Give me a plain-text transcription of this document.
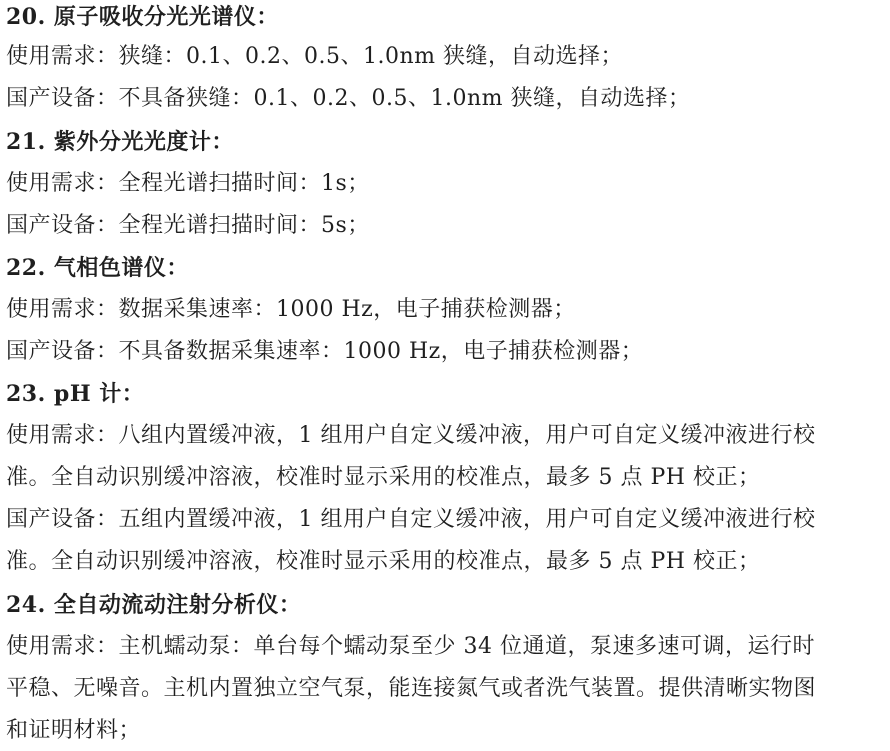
20. 原子吸收分光光谱仪：
使用需求：狭缝：0.1、0.2、0.5、1.0nm 狭缝，自动选择；
国产设备：不具备狭缝：0.1、0.2、0.5、1.0nm 狭缝，自动选择；
21. 紫外分光光度计：
使用需求：全程光谱扫描时间：1s；
国产设备：全程光谱扫描时间：5s；
22. 气相色谱仪：
使用需求：数据采集速率：1000 Hz，电子捕获检测器；
国产设备：不具备数据采集速率：1000 Hz，电子捕获检测器；
23. pH 计：
使用需求：八组内置缓冲液，1 组用户自定义缓冲液，用户可自定义缓冲液进行校
准。全自动识别缓冲溶液，校准时显示采用的校准点，最多 5 点 PH 校正；
国产设备：五组内置缓冲液，1 组用户自定义缓冲液，用户可自定义缓冲液进行校
准。全自动识别缓冲溶液，校准时显示采用的校准点，最多 5 点 PH 校正；
24. 全自动流动注射分析仪：
使用需求：主机蠕动泵：单台每个蠕动泵至少 34 位通道，泵速多速可调，运行时
平稳、无噪音。主机内置独立空气泵，能连接氮气或者洗气装置。提供清晰实物图
和证明材料；
